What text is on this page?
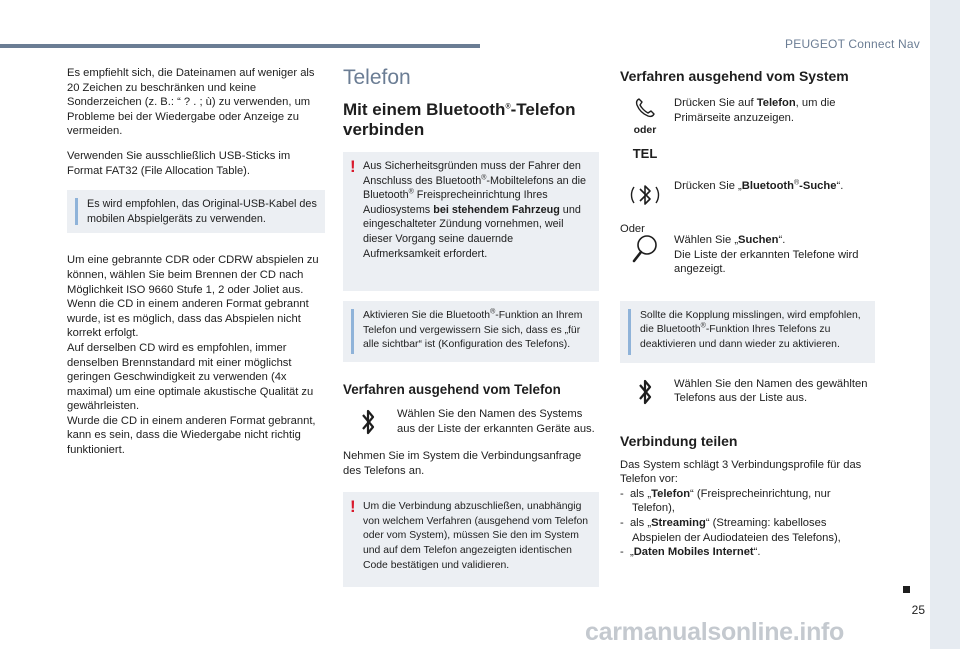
PEUGEOT Connect Nav

Es empfiehlt sich, die Dateinamen auf weniger als 20 Zeichen zu beschränken und keine Sonderzeichen (z. B.: “ ? . ; ù) zu verwenden, um Probleme bei der Wiedergabe oder Anzeige zu vermeiden.

Verwenden Sie ausschließlich USB-Sticks im Format FAT32 (File Allocation Table).

Es wird empfohlen, das Original-USB-Kabel des mobilen Abspielgeräts zu verwenden.

Um eine gebrannte CDR oder CDRW abspielen zu können, wählen Sie beim Brennen der CD nach Möglichkeit ISO 9660 Stufe 1, 2 oder Joliet aus.

Wenn die CD in einem anderen Format gebrannt wurde, ist es möglich, dass das Abspielen nicht korrekt erfolgt.

Auf derselben CD wird es empfohlen, immer denselben Brennstandard mit einer möglichst geringen Geschwindigkeit zu verwenden (4x maximal) um eine optimale akustische Qualität zu gewährleisten.

Wurde die CD in einem anderen Format gebrannt, kann es sein, dass die Wiedergabe nicht richtig funktioniert.

Telefon
Mit einem Bluetooth®-Telefon verbinden
! Aus Sicherheitsgründen muss der Fahrer den Anschluss des Bluetooth®-Mobiltelefons an die Bluetooth® Freisprecheinrichtung Ihres Audiosystems bei stehendem Fahrzeug und eingeschalteter Zündung vornehmen, weil dieser Vorgang seine dauernde Aufmerksamkeit erfordert.
Aktivieren Sie die Bluetooth®-Funktion an Ihrem Telefon und vergewissern Sie sich, dass es „für alle sichtbar“ ist (Konfiguration des Telefons).
Verfahren ausgehend vom Telefon
Wählen Sie den Namen des Systems aus der Liste der erkannten Geräte aus.

Nehmen Sie im System die Verbindungsanfrage des Telefons an.

! Um die Verbindung abzuschließen, unabhängig von welchem Verfahren (ausgehend vom Telefon oder vom System), müssen Sie den im System und auf dem Telefon angezeigten identischen Code bestätigen und validieren.
Verfahren ausgehend vom System
oder
TEL
Drücken Sie auf Telefon, um die Primärseite anzuzeigen.
Drücken Sie „Bluetooth®-Suche“.
Oder
Wählen Sie „Suchen“.
Die Liste der erkannten Telefone wird angezeigt.
Sollte die Kopplung misslingen, wird empfohlen, die Bluetooth®-Funktion Ihres Telefons zu deaktivieren und dann wieder zu aktivieren.
Wählen Sie den Namen des gewählten Telefons aus der Liste aus.
Verbindung teilen

Das System schlägt 3 Verbindungsprofile für das Telefon vor:

- als „Telefon“ (Freisprecheinrichtung, nur Telefon),
- als „Streaming“ (Streaming: kabelloses Abspielen der Audiodateien des Telefons),
- „Daten Mobiles Internet“.
25
carmanualsonline.info
